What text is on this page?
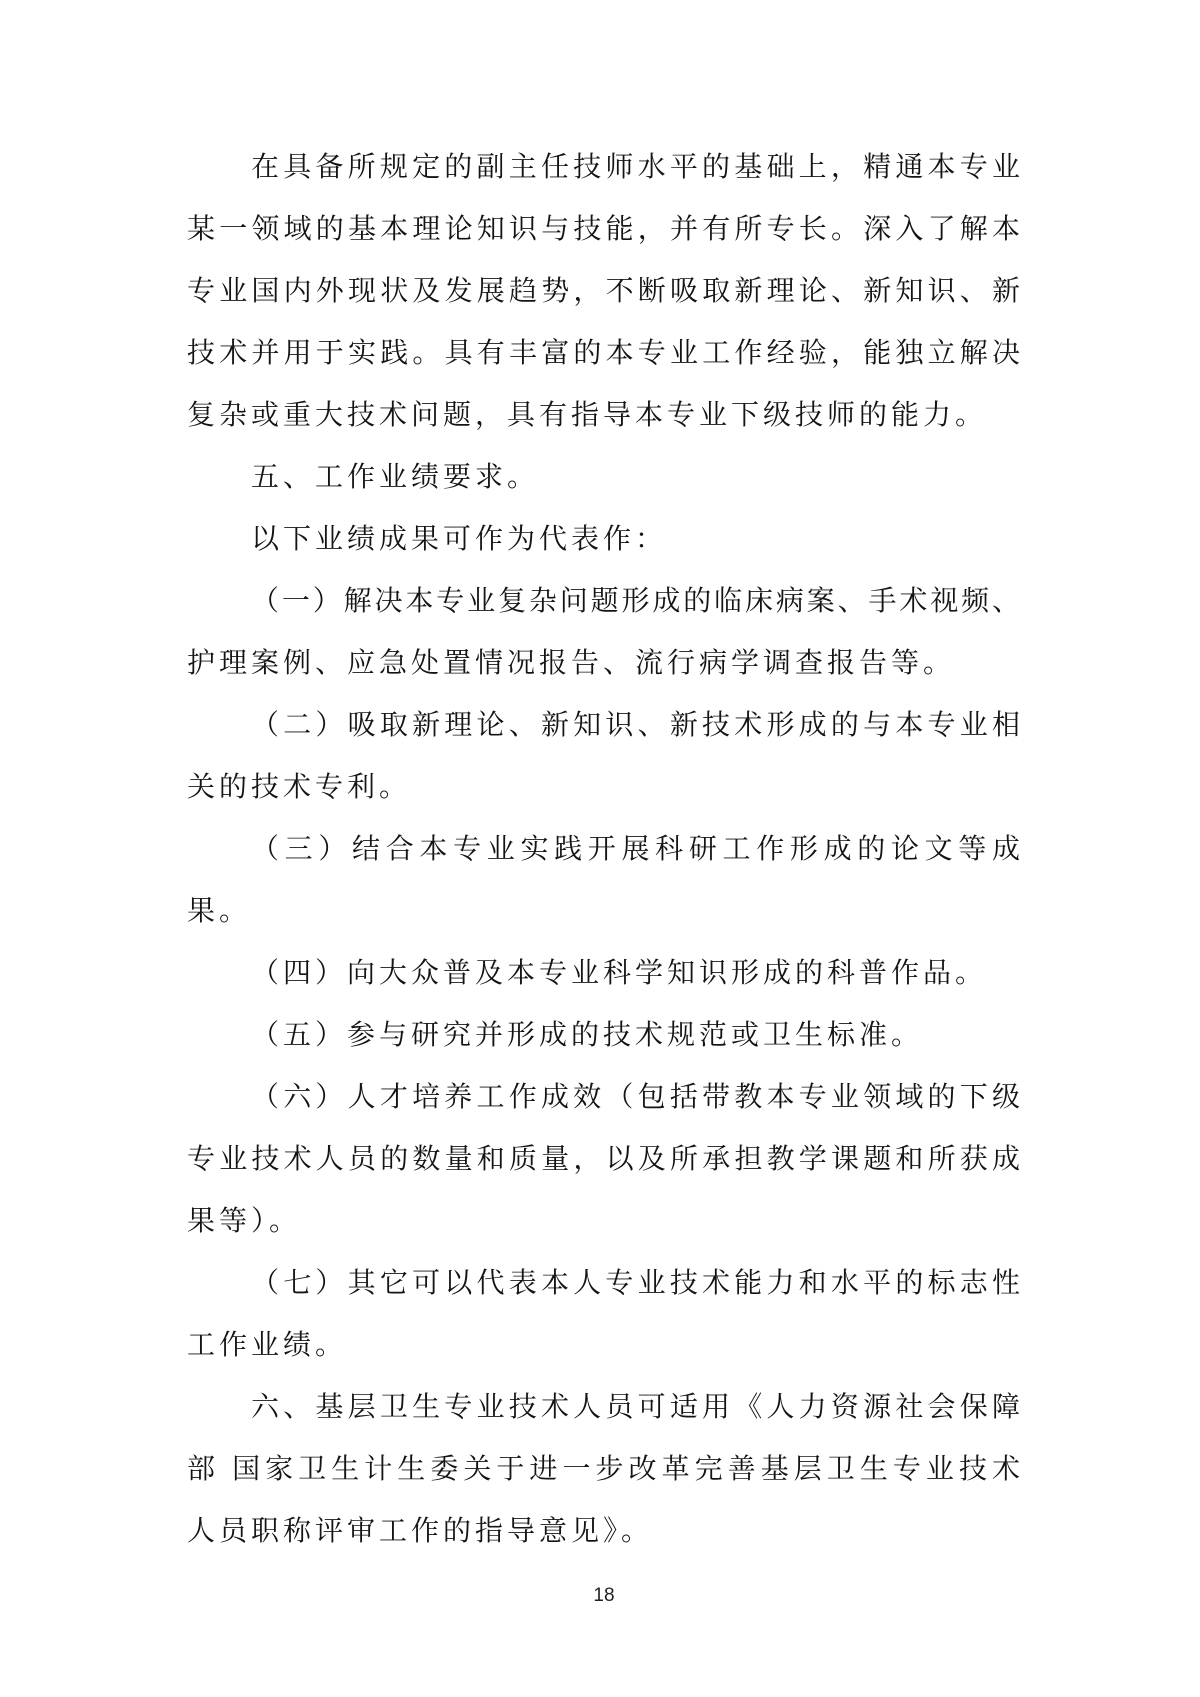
在具备所规定的副主任技师水平的基础上，精通本专业
某一领域的基本理论知识与技能，并有所专长。深入了解本
专业国内外现状及发展趋势，不断吸取新理论、新知识、新
技术并用于实践。具有丰富的本专业工作经验，能独立解决
复杂或重大技术问题，具有指导本专业下级技师的能力。
五、工作业绩要求。
以下业绩成果可作为代表作：
（一）解决本专业复杂问题形成的临床病案、手术视频、
护理案例、应急处置情况报告、流行病学调查报告等。
（二）吸取新理论、新知识、新技术形成的与本专业相
关的技术专利。
（三）结合本专业实践开展科研工作形成的论文等成
果。
（四）向大众普及本专业科学知识形成的科普作品。
（五）参与研究并形成的技术规范或卫生标准。
（六）人才培养工作成效（包括带教本专业领域的下级
专业技术人员的数量和质量，以及所承担教学课题和所获成
果等）。
（七）其它可以代表本人专业技术能力和水平的标志性
工作业绩。
六、基层卫生专业技术人员可适用《人力资源社会保障
部 国家卫生计生委关于进一步改革完善基层卫生专业技术
人员职称评审工作的指导意见》。
18
